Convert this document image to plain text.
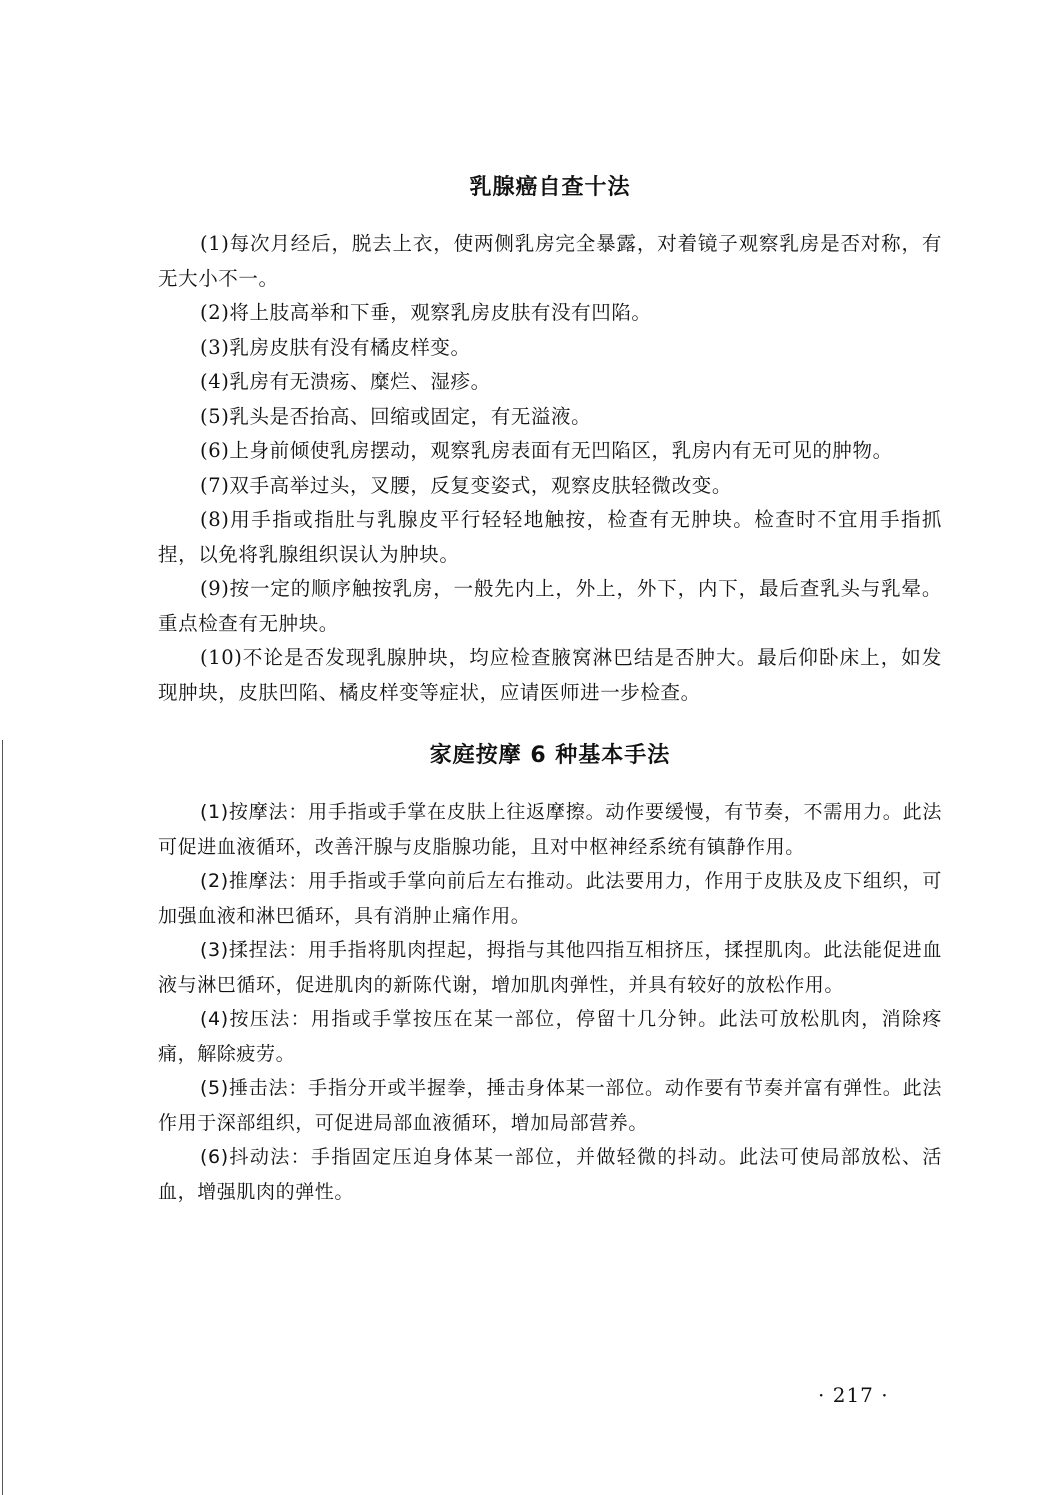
乳腺癌自查十法

(1)每次月经后，脱去上衣，使两侧乳房完全暴露，对着镜子观察乳房是否对称，有无大小不一。

(2)将上肢高举和下垂，观察乳房皮肤有没有凹陷。

(3)乳房皮肤有没有橘皮样变。

(4)乳房有无溃疡、糜烂、湿疹。

(5)乳头是否抬高、回缩或固定，有无溢液。

(6)上身前倾使乳房摆动，观察乳房表面有无凹陷区，乳房内有无可见的肿物。

(7)双手高举过头，叉腰，反复变姿式，观察皮肤轻微改变。

(8)用手指或指肚与乳腺皮平行轻轻地触按，检查有无肿块。检查时不宜用手指抓捏，以免将乳腺组织误认为肿块。

(9)按一定的顺序触按乳房，一般先内上，外上，外下，内下，最后查乳头与乳晕。重点检查有无肿块。

(10)不论是否发现乳腺肿块，均应检查腋窝淋巴结是否肿大。最后仰卧床上，如发现肿块，皮肤凹陷、橘皮样变等症状，应请医师进一步检查。

家庭按摩 6 种基本手法

(1)按摩法：用手指或手掌在皮肤上往返摩擦。动作要缓慢，有节奏，不需用力。此法可促进血液循环，改善汗腺与皮脂腺功能，且对中枢神经系统有镇静作用。

(2)推摩法：用手指或手掌向前后左右推动。此法要用力，作用于皮肤及皮下组织，可加强血液和淋巴循环，具有消肿止痛作用。

(3)揉捏法：用手指将肌肉捏起，拇指与其他四指互相挤压，揉捏肌肉。此法能促进血液与淋巴循环，促进肌肉的新陈代谢，增加肌肉弹性，并具有较好的放松作用。

(4)按压法：用指或手掌按压在某一部位，停留十几分钟。此法可放松肌肉，消除疼痛，解除疲劳。

(5)捶击法：手指分开或半握拳，捶击身体某一部位。动作要有节奏并富有弹性。此法作用于深部组织，可促进局部血液循环，增加局部营养。

(6)抖动法：手指固定压迫身体某一部位，并做轻微的抖动。此法可使局部放松、活血，增强肌肉的弹性。

· 217 ·
